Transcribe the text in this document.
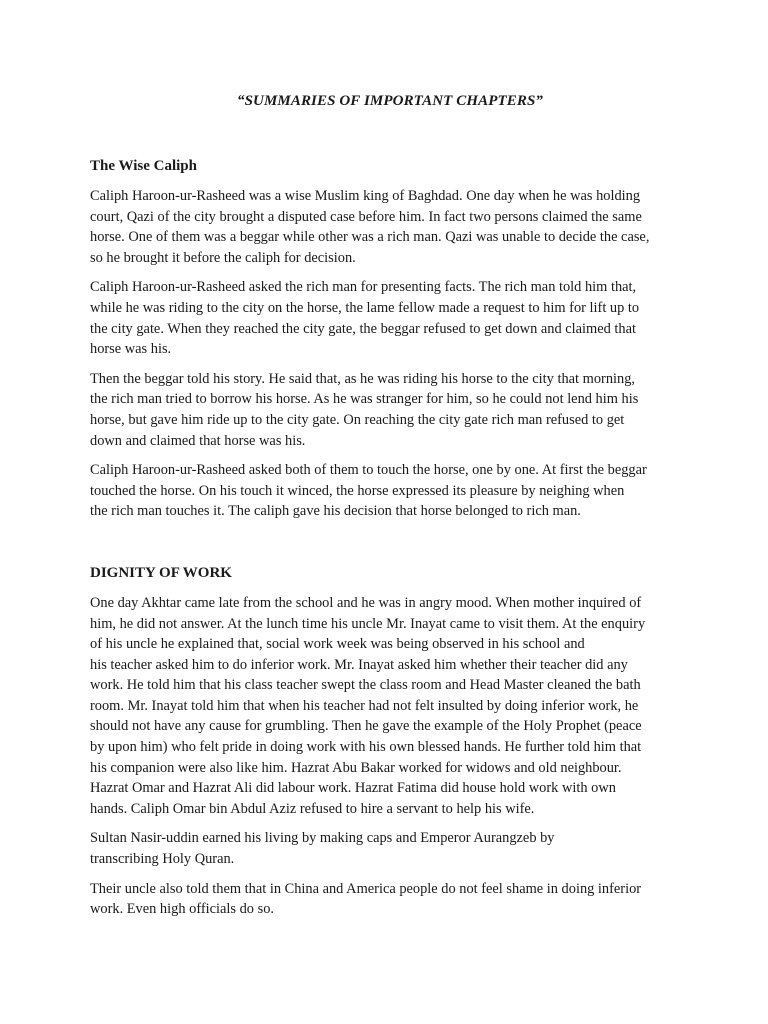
“SUMMARIES OF IMPORTANT CHAPTERS”
The Wise Caliph

Caliph Haroon-ur-Rasheed was a wise Muslim king of Baghdad. One day when he was holding
court, Qazi of the city brought a disputed case before him. In fact two persons claimed the same
horse. One of them was a beggar while other was a rich man. Qazi was unable to decide the case,
so he brought it before the caliph for decision.

Caliph Haroon-ur-Rasheed asked the rich man for presenting facts. The rich man told him that,
while he was riding to the city on the horse, the lame fellow made a request to him for lift up to
the city gate. When they reached the city gate, the beggar refused to get down and claimed that
horse was his.

Then the beggar told his story. He said that, as he was riding his horse to the city that morning,
the rich man tried to borrow his horse. As he was stranger for him, so he could not lend him his
horse, but gave him ride up to the city gate. On reaching the city gate rich man refused to get
down and claimed that horse was his.

Caliph Haroon-ur-Rasheed asked both of them to touch the horse, one by one. At first the beggar
touched the horse. On his touch it winced, the horse expressed its pleasure by neighing when
the rich man touches it. The caliph gave his decision that horse belonged to rich man.

DIGNITY OF WORK

One day Akhtar came late from the school and he was in angry mood. When mother inquired of
him, he did not answer. At the lunch time his uncle Mr. Inayat came to visit them. At the enquiry
of his uncle he explained that, social work week was being observed in his school and
his teacher asked him to do inferior work. Mr. Inayat asked him whether their teacher did any
work. He told him that his class teacher swept the class room and Head Master cleaned the bath
room. Mr. Inayat told him that when his teacher had not felt insulted by doing inferior work, he
should not have any cause for grumbling. Then he gave the example of the Holy Prophet (peace
by upon him) who felt pride in doing work with his own blessed hands. He further told him that
his companion were also like him. Hazrat Abu Bakar worked for widows and old neighbour.
Hazrat Omar and Hazrat Ali did labour work. Hazrat Fatima did house hold work with own
hands. Caliph Omar bin Abdul Aziz refused to hire a servant to help his wife.

Sultan Nasir-uddin earned his living by making caps and Emperor Aurangzeb by
transcribing Holy Quran.

Their uncle also told them that in China and America people do not feel shame in doing inferior
work. Even high officials do so.
